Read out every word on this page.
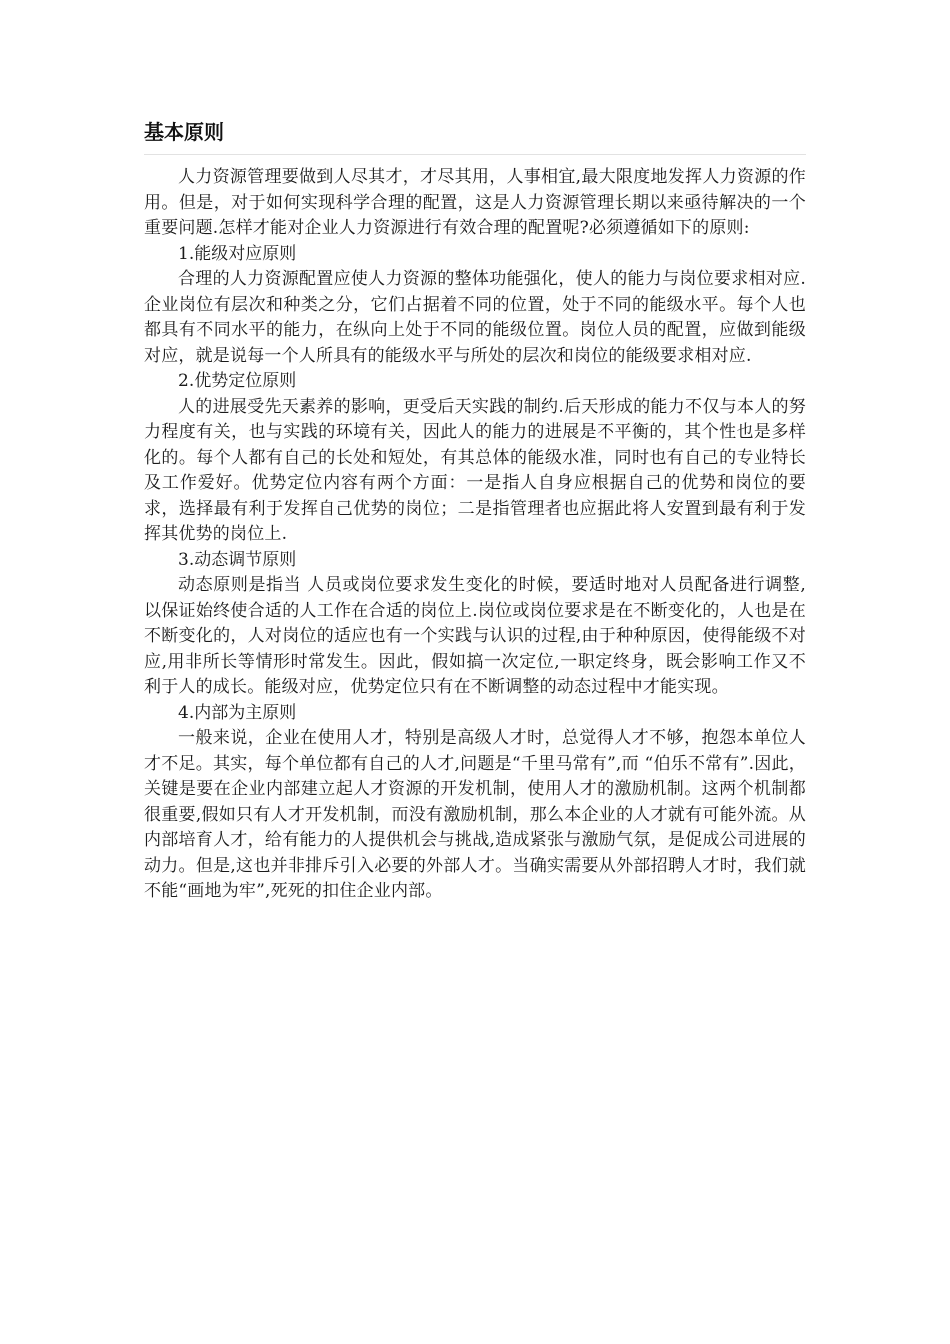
基本原则

人力资源管理要做到人尽其才，才尽其用，人事相宜,最大限度地发挥人力资源的作用。但是，对于如何实现科学合理的配置，这是人力资源管理长期以来亟待解决的一个重要问题.怎样才能对企业人力资源进行有效合理的配置呢?必须遵循如下的原则:

1.能级对应原则

合理的人力资源配置应使人力资源的整体功能强化，使人的能力与岗位要求相对应.企业岗位有层次和种类之分，它们占据着不同的位置，处于不同的能级水平。每个人也都具有不同水平的能力，在纵向上处于不同的能级位置。岗位人员的配置，应做到能级对应，就是说每一个人所具有的能级水平与所处的层次和岗位的能级要求相对应.

2.优势定位原则

人的进展受先天素养的影响，更受后天实践的制约.后天形成的能力不仅与本人的努力程度有关，也与实践的环境有关，因此人的能力的进展是不平衡的，其个性也是多样化的。每个人都有自己的长处和短处，有其总体的能级水准，同时也有自己的专业特长及工作爱好。优势定位内容有两个方面：一是指人自身应根据自己的优势和岗位的要求，选择最有利于发挥自己优势的岗位；二是指管理者也应据此将人安置到最有利于发挥其优势的岗位上.

3.动态调节原则

动态原则是指当 人员或岗位要求发生变化的时候，要适时地对人员配备进行调整,以保证始终使合适的人工作在合适的岗位上.岗位或岗位要求是在不断变化的，人也是在不断变化的，人对岗位的适应也有一个实践与认识的过程,由于种种原因，使得能级不对应,用非所长等情形时常发生。因此，假如搞一次定位,一职定终身，既会影响工作又不利于人的成长。能级对应，优势定位只有在不断调整的动态过程中才能实现。

4.内部为主原则

一般来说，企业在使用人才，特别是高级人才时，总觉得人才不够，抱怨本单位人才不足。其实，每个单位都有自己的人才,问题是“千里马常有”,而 “伯乐不常有”.因此，关键是要在企业内部建立起人才资源的开发机制，使用人才的激励机制。这两个机制都很重要,假如只有人才开发机制，而没有激励机制，那么本企业的人才就有可能外流。从内部培育人才，给有能力的人提供机会与挑战,造成紧张与激励气氛，是促成公司进展的动力。但是,这也并非排斥引入必要的外部人才。当确实需要从外部招聘人才时，我们就不能“画地为牢”,死死的扣住企业内部。
